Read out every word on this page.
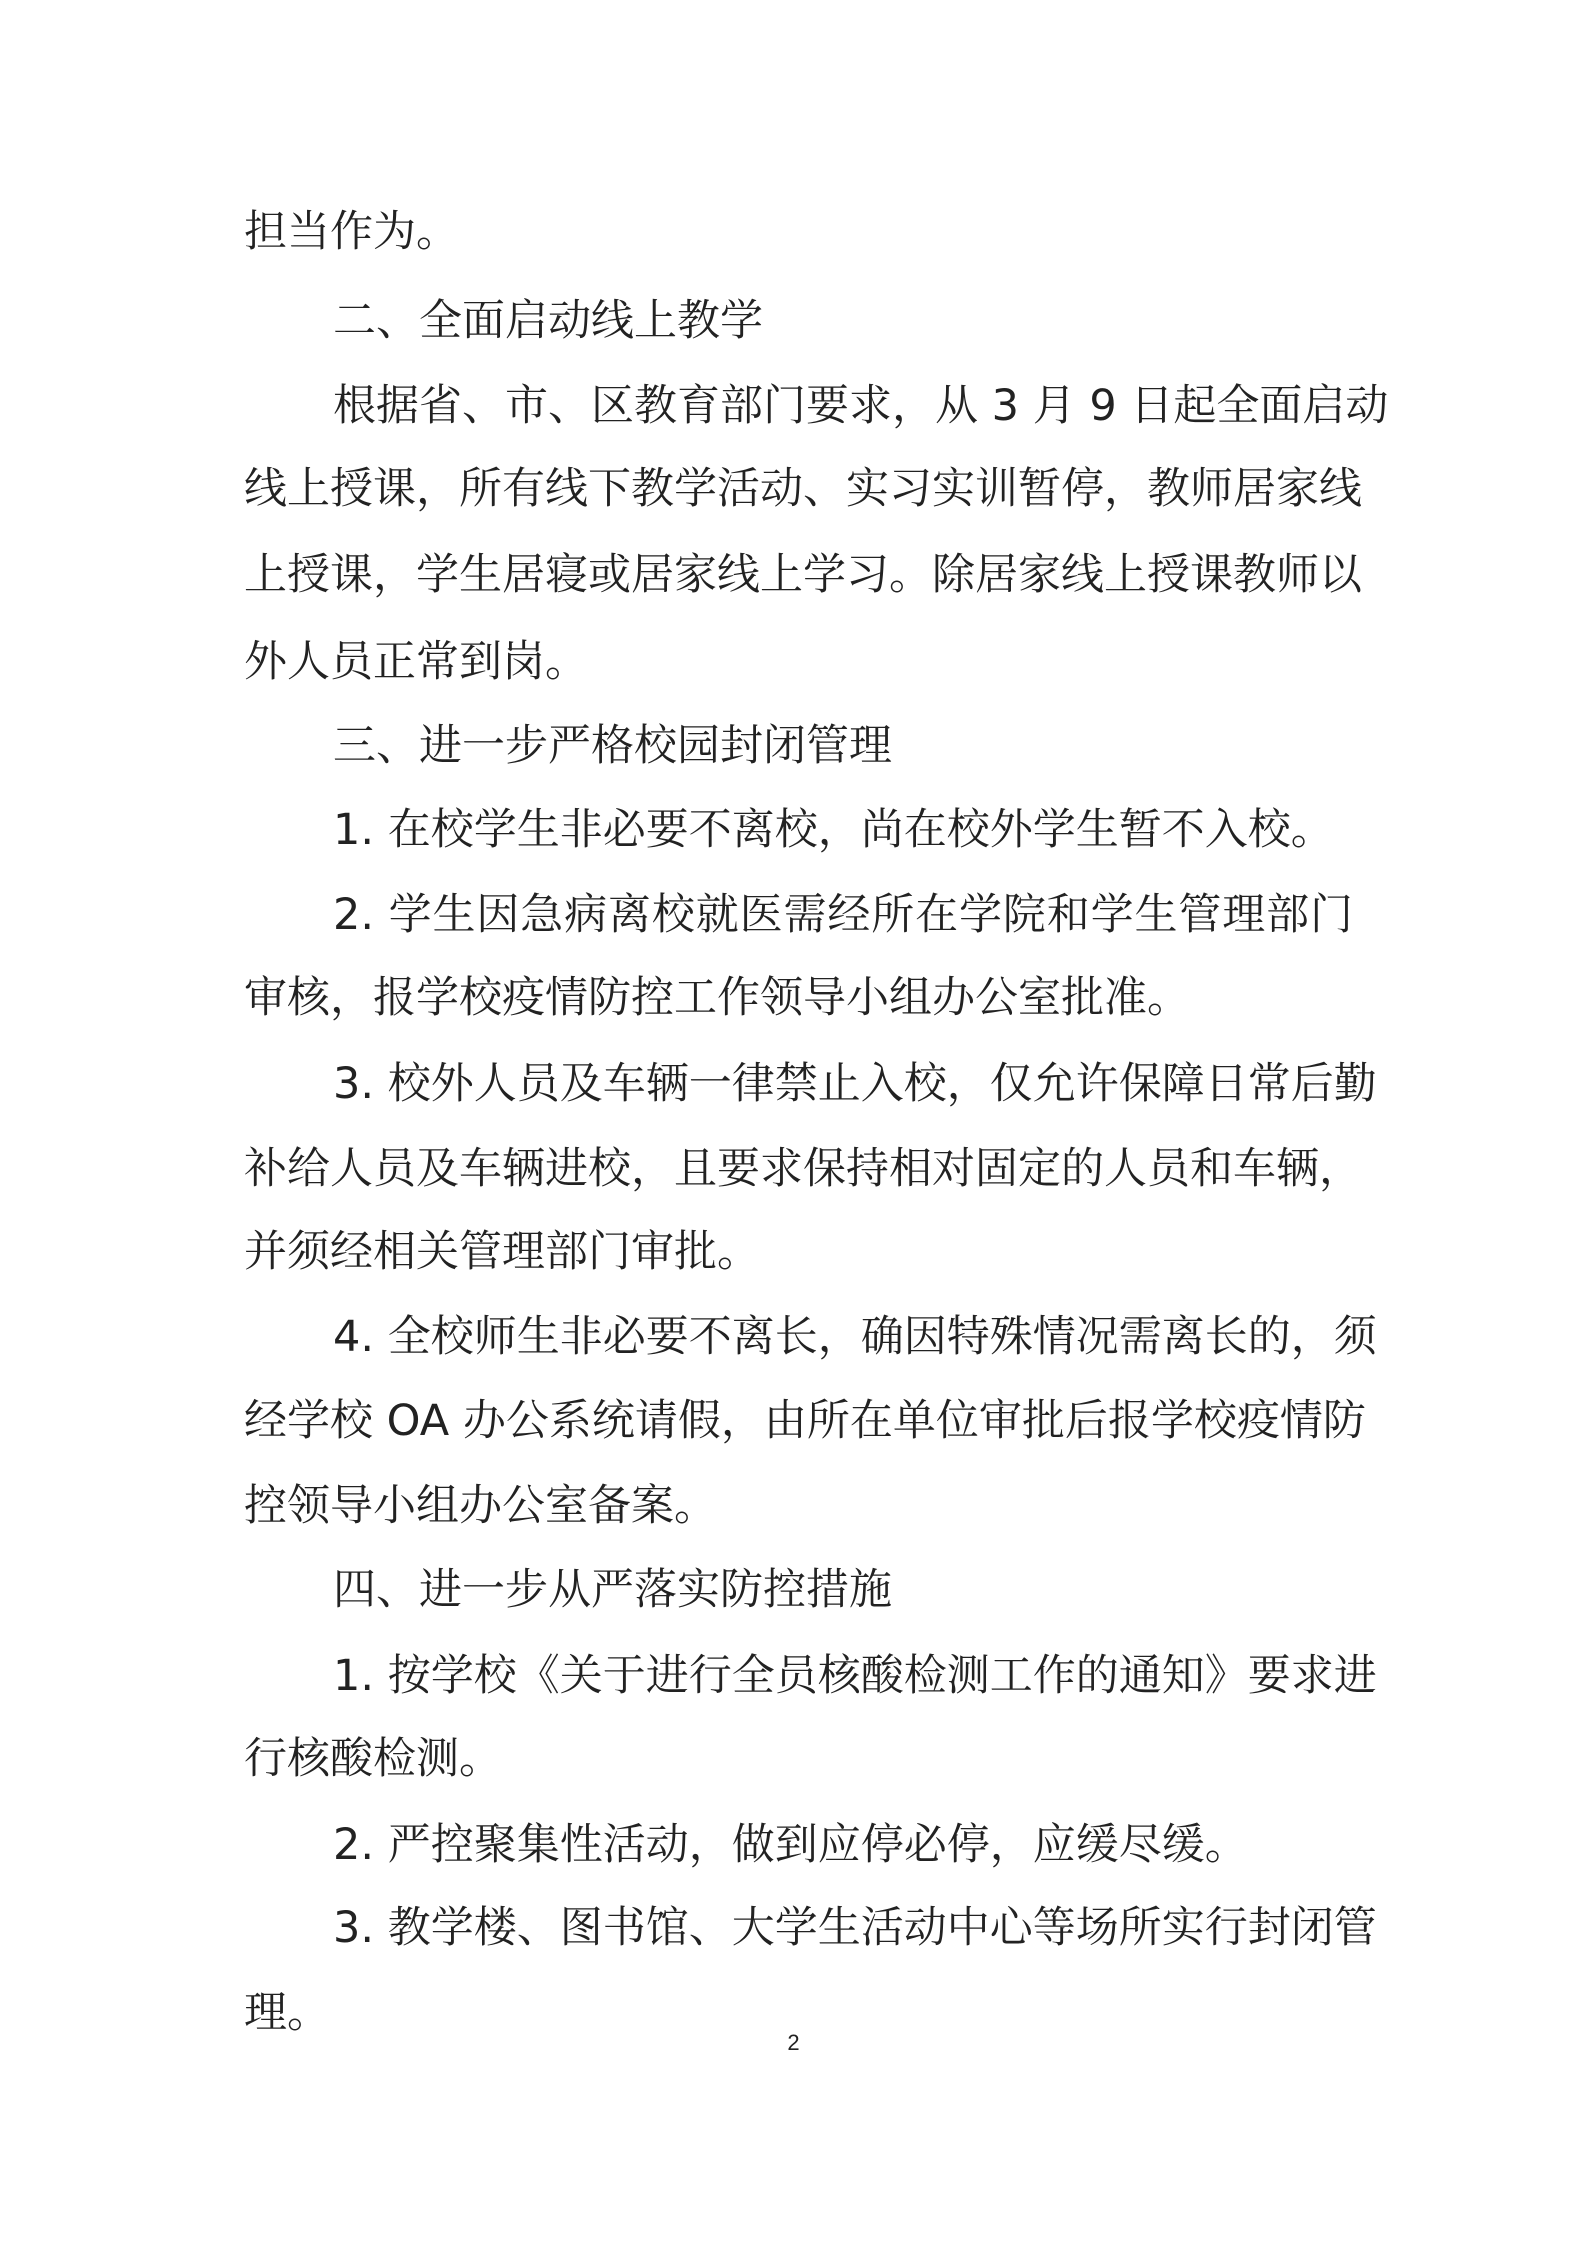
担当作为。
二、全面启动线上教学
根据省、市、区教育部门要求，从 3 月 9 日起全面启动
线上授课，所有线下教学活动、实习实训暂停，教师居家线
上授课，学生居寝或居家线上学习。除居家线上授课教师以
外人员正常到岗。
三、进一步严格校园封闭管理
1. 在校学生非必要不离校，尚在校外学生暂不入校。
2. 学生因急病离校就医需经所在学院和学生管理部门
审核，报学校疫情防控工作领导小组办公室批准。
3. 校外人员及车辆一律禁止入校，仅允许保障日常后勤
补给人员及车辆进校，且要求保持相对固定的人员和车辆，
并须经相关管理部门审批。
4. 全校师生非必要不离长，确因特殊情况需离长的，须
经学校 OA 办公系统请假，由所在单位审批后报学校疫情防
控领导小组办公室备案。
四、进一步从严落实防控措施
1. 按学校《关于进行全员核酸检测工作的通知》要求进
行核酸检测。
2. 严控聚集性活动，做到应停必停，应缓尽缓。
3. 教学楼、图书馆、大学生活动中心等场所实行封闭管
理。
2
